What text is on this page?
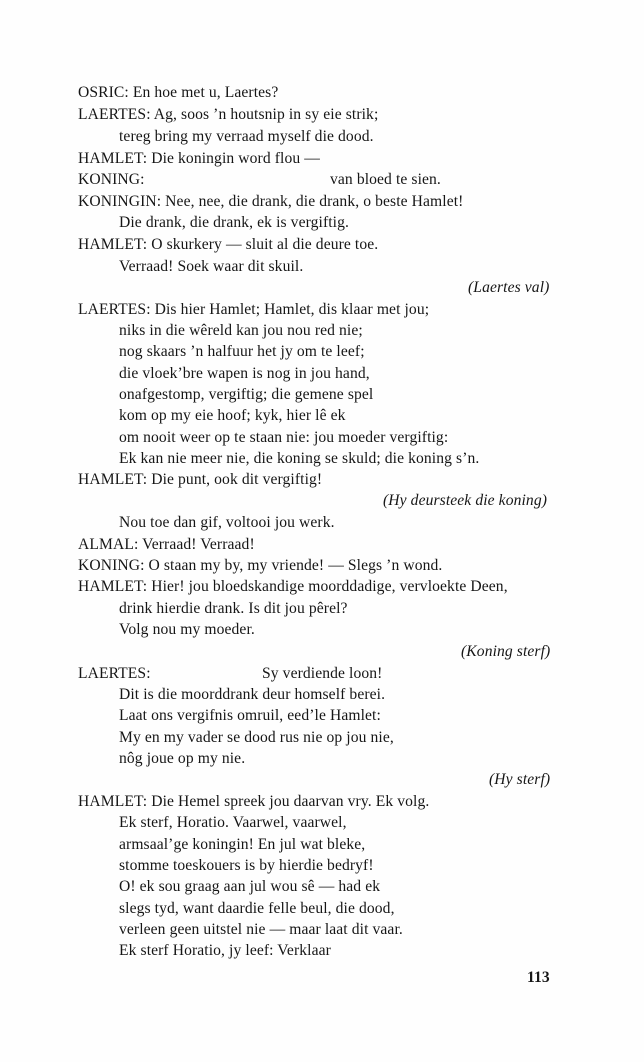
OSRIC: En hoe met u, Laertes?
LAERTES: Ag, soos ’n houtsnip in sy eie strik;
tereg bring my verraad myself die dood.
HAMLET: Die koningin word flou —
KONING:	van bloed te sien.
KONINGIN: Nee, nee, die drank, die drank, o beste Hamlet!
Die drank, die drank, ek is vergiftig.
HAMLET: O skurkery — sluit al die deure toe.
Verraad! Soek waar dit skuil.
(Laertes val)
LAERTES: Dis hier Hamlet; Hamlet, dis klaar met jou;
niks in die wêreld kan jou nou red nie;
nog skaars ’n halfuur het jy om te leef;
die vloek’bre wapen is nog in jou hand,
onafgestomp, vergiftig; die gemene spel
kom op my eie hoof; kyk, hier lê ek
om nooit weer op te staan nie: jou moeder vergiftig:
Ek kan nie meer nie, die koning se skuld; die koning s’n.
HAMLET: Die punt, ook dit vergiftig!
(Hy deursteek die koning)
Nou toe dan gif, voltooi jou werk.
ALMAL: Verraad! Verraad!
KONING: O staan my by, my vriende! — Slegs ’n wond.
HAMLET: Hier! jou bloedskandige moorddadige, vervloekte Deen,
drink hierdie drank. Is dit jou pêrel?
Volg nou my moeder.
(Koning sterf)
LAERTES:	Sy verdiende loon!
Dit is die moorddrank deur homself berei.
Laat ons vergifnis omruil, eed’le Hamlet:
My en my vader se dood rus nie op jou nie,
nôg joue op my nie.
(Hy sterf)
HAMLET: Die Hemel spreek jou daarvan vry. Ek volg.
Ek sterf, Horatio. Vaarwel, vaarwel,
armsaal’ge koningin! En jul wat bleke,
stomme toeskouers is by hierdie bedryf!
O! ek sou graag aan jul wou sê — had ek
slegs tyd, want daardie felle beul, die dood,
verleen geen uitstel nie — maar laat dit vaar.
Ek sterf Horatio, jy leef: Verklaar
113
